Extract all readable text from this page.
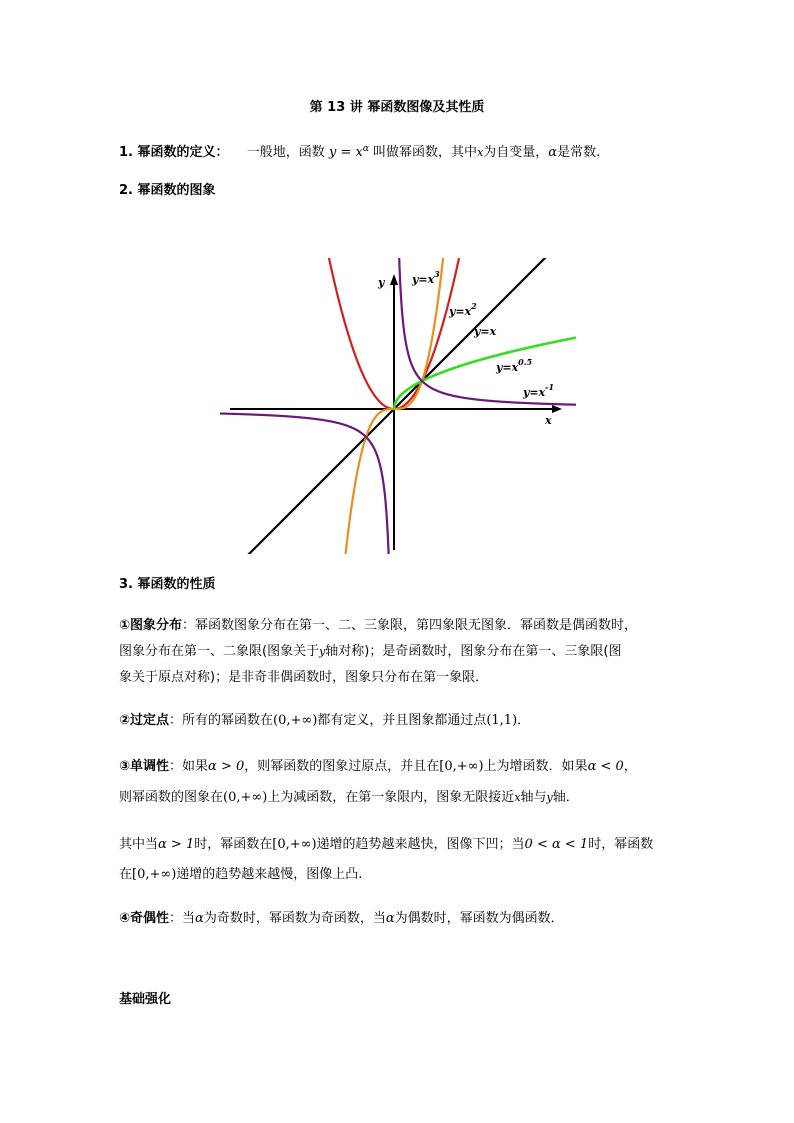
第 13 讲 幂函数图像及其性质
1. 幂函数的定义： 一般地，函数 $y = x^\alpha$ 叫做幂函数，其中x为自变量，α是常数.
2. 幂函数的图象
y
x
$y=x^3$
$y=x^2$
y=x
$y=x^{0.5}$
$y=x^{-1}$
3. 幂函数的性质
①图象分布：幂函数图象分布在第一、二、三象限，第四象限无图象．幂函数是偶函数时，
图象分布在第一、二象限(图象关于y轴对称)；是奇函数时，图象分布在第一、三象限(图
象关于原点对称)；是非奇非偶函数时，图象只分布在第一象限．
②过定点：所有的幂函数在(0,+∞)都有定义，并且图象都通过点(1,1)．
③单调性：如果α > 0，则幂函数的图象过原点，并且在[0,+∞)上为增函数．如果α < 0，
则幂函数的图象在(0,+∞)上为减函数，在第一象限内，图象无限接近x轴与y轴．
其中当α > 1时，幂函数在[0,+∞)递增的趋势越来越快，图像下凹；当0 < α < 1时，幂函数
在[0,+∞)递增的趋势越来越慢，图像上凸.
④奇偶性：当α为奇数时，幂函数为奇函数，当α为偶数时，幂函数为偶函数．
基础强化
